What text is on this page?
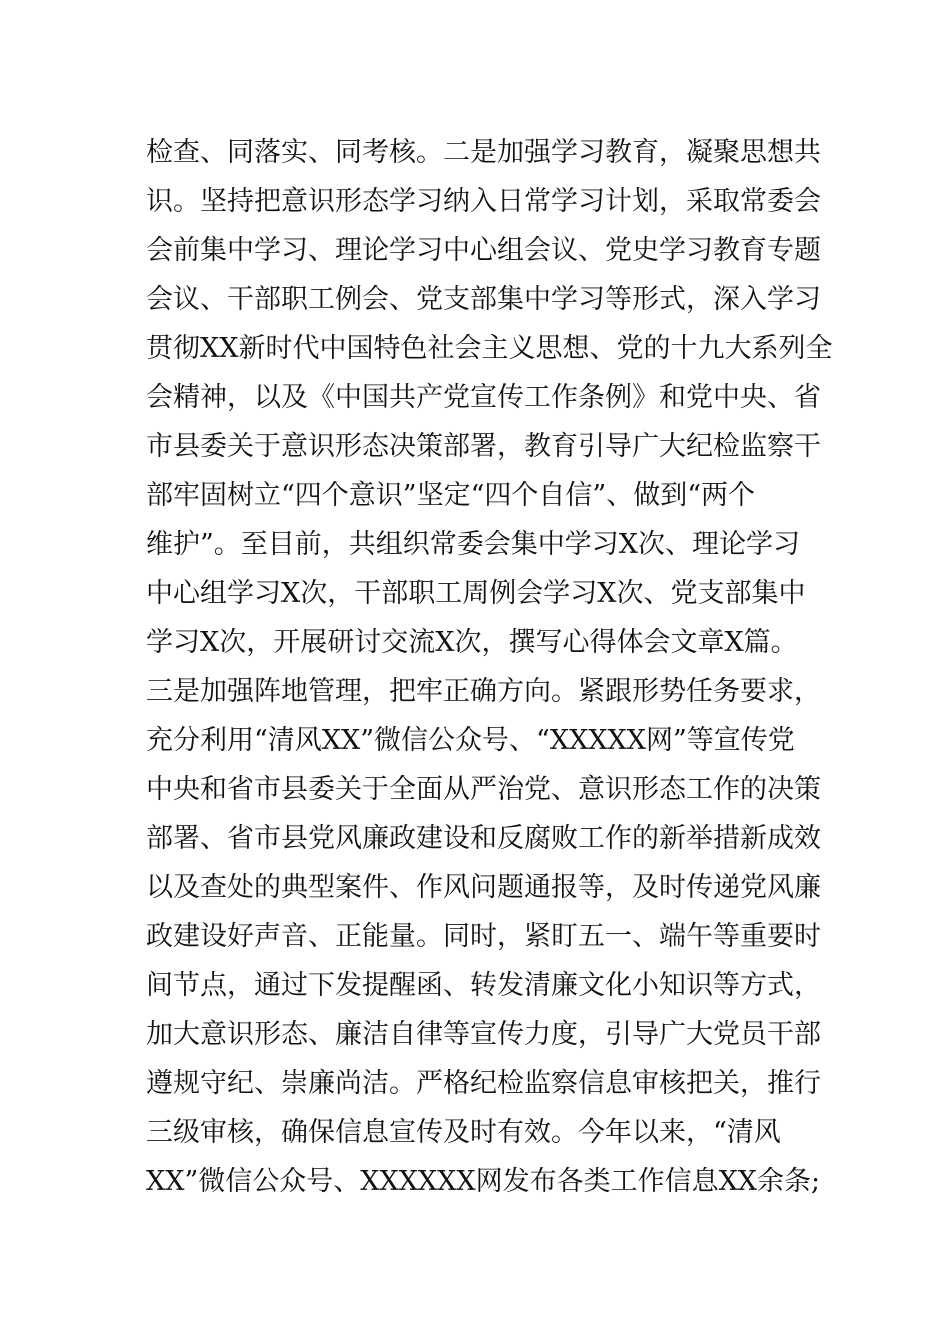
检查、同落实、同考核。二是加强学习教育，凝聚思想共
识。坚持把意识形态学习纳入日常学习计划，采取常委会
会前集中学习、理论学习中心组会议、党史学习教育专题
会议、干部职工例会、党支部集中学习等形式，深入学习
贯彻XX新时代中国特色社会主义思想、党的十九大系列全
会精神，以及《中国共产党宣传工作条例》和党中央、省
市县委关于意识形态决策部署，教育引导广大纪检监察干
部牢固树立“四个意识”坚定“四个自信”、做到“两个
维护”。至目前，共组织常委会集中学习X次、理论学习
中心组学习X次，干部职工周例会学习X次、党支部集中
学习X次，开展研讨交流X次，撰写心得体会文章X篇。
三是加强阵地管理，把牢正确方向。紧跟形势任务要求，
充分利用“清风XX”微信公众号、“XXXXX网”等宣传党
中央和省市县委关于全面从严治党、意识形态工作的决策
部署、省市县党风廉政建设和反腐败工作的新举措新成效
以及查处的典型案件、作风问题通报等，及时传递党风廉
政建设好声音、正能量。同时，紧盯五一、端午等重要时
间节点，通过下发提醒函、转发清廉文化小知识等方式，
加大意识形态、廉洁自律等宣传力度，引导广大党员干部
遵规守纪、崇廉尚洁。严格纪检监察信息审核把关，推行
三级审核，确保信息宣传及时有效。今年以来，“清风
XX”微信公众号、XXXXXX网发布各类工作信息XX余条;
